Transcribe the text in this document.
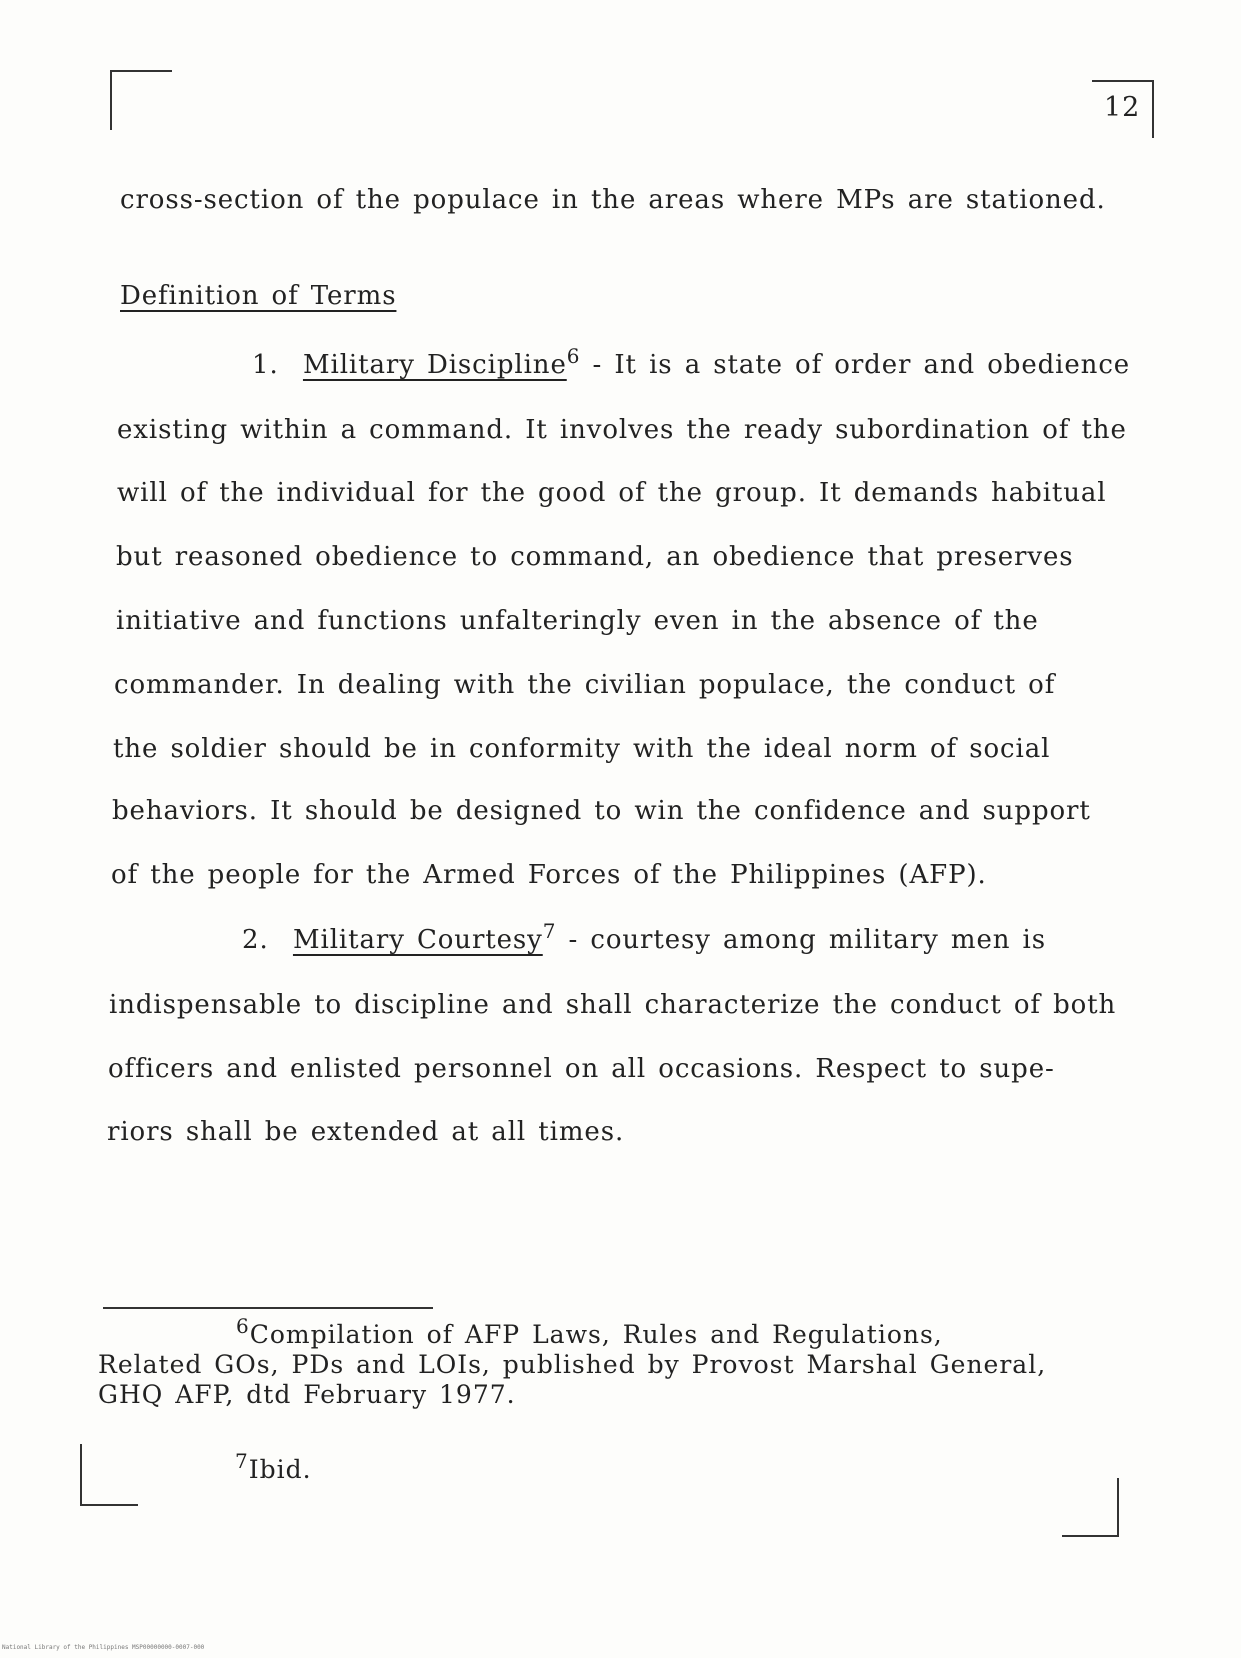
12
cross-section of the populace in the areas where MPs are stationed.
Definition of Terms
1. Military Discipline$^6$ - It is a state of order and obedience
existing within a command. It involves the ready subordination of the
will of the individual for the good of the group. It demands habitual
but reasoned obedience to command, an obedience that preserves
initiative and functions unfalteringly even in the absence of the
commander. In dealing with the civilian populace, the conduct of
the soldier should be in conformity with the ideal norm of social
behaviors. It should be designed to win the confidence and support
of the people for the Armed Forces of the Philippines (AFP).
2. Military Courtesy$^7$ - courtesy among military men is
indispensable to discipline and shall characterize the conduct of both
officers and enlisted personnel on all occasions. Respect to supe-
riors shall be extended at all times.
$^6$Compilation of AFP Laws, Rules and Regulations,
Related GOs, PDs and LOIs, published by Provost Marshal General,
GHQ AFP, dtd February 1977.
$^7$Ibid.
National Library of the Philippines MSP00000000-0007-000
